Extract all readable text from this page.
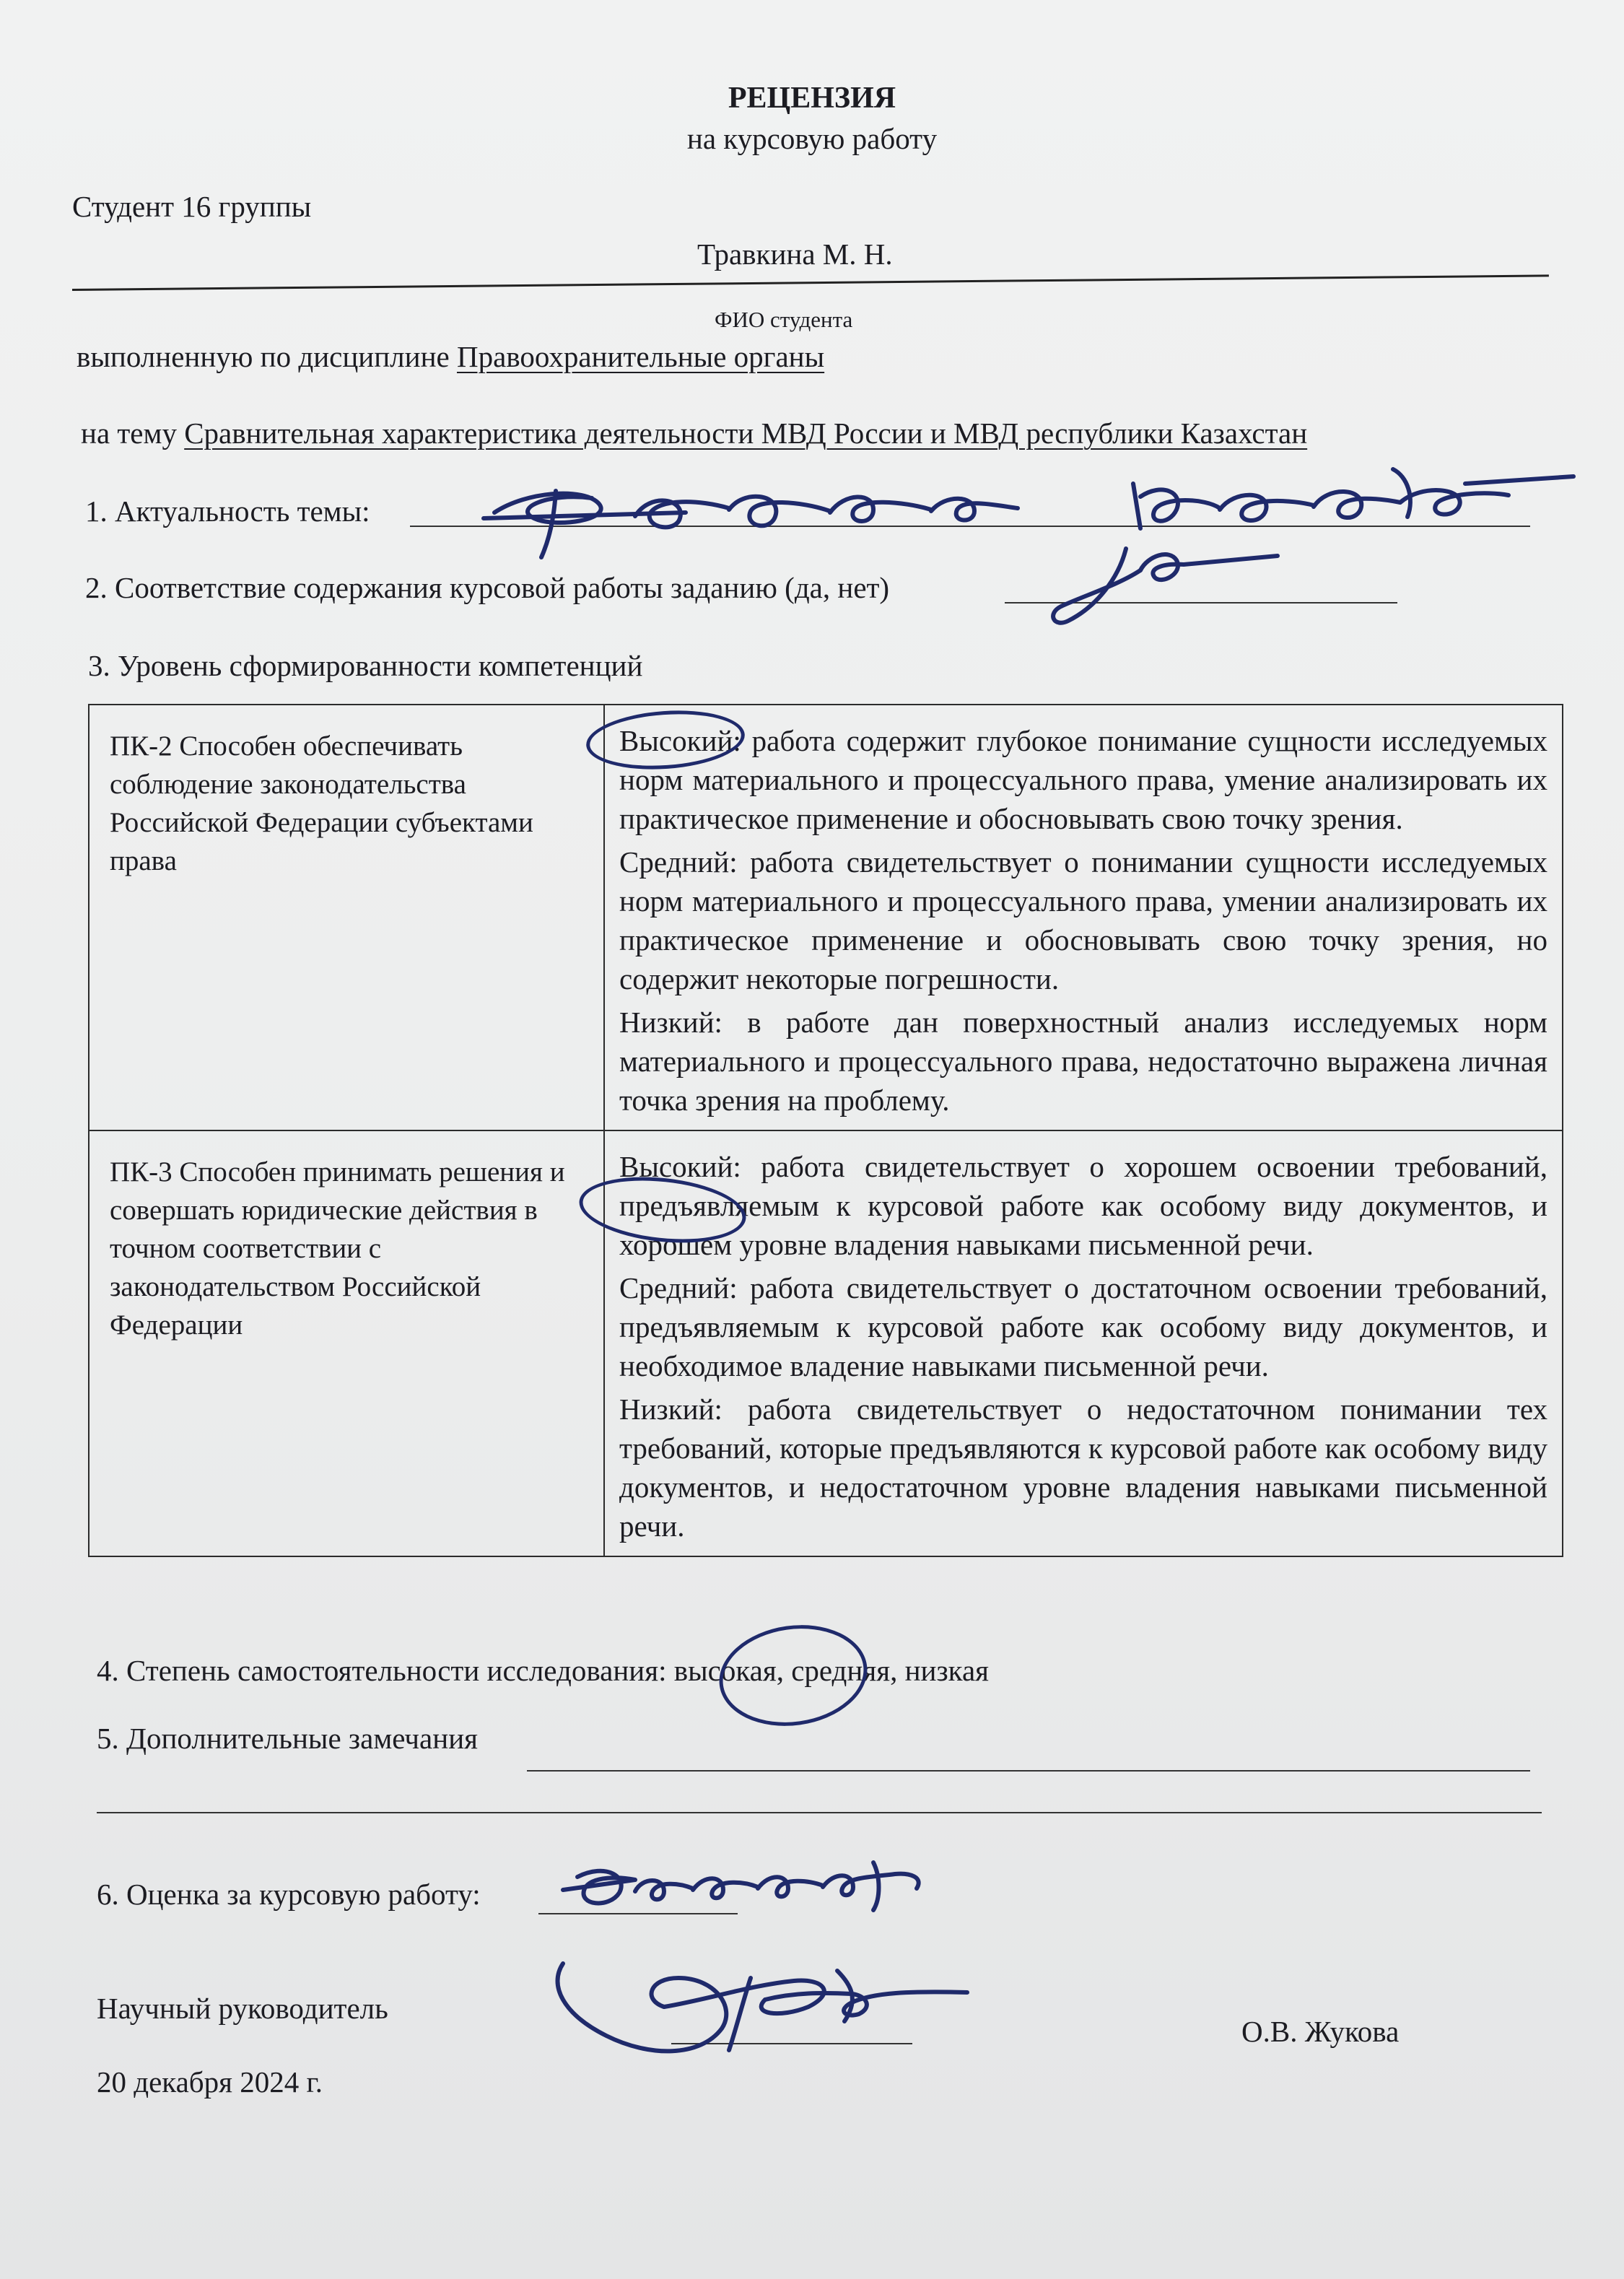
РЕЦЕНЗИЯ
на курсовую работу
Студент 16 группы
Травкина М. Н.
ФИО студента
выполненную по дисциплине Правоохранительные органы
на тему Сравнительная характеристика деятельности МВД России и МВД республики Казахстан
1. Актуальность темы:
2. Соответствие содержания курсовой работы заданию (да, нет)
3. Уровень сформированности компетенций
ПК-2 Способен обеспечивать соблюдение законодательства Российской Федерации субъектами права	Высокий: работа содержит глубокое понимание сущности исследуемых норм материального и процессуального права, умение анализировать их практическое применение и обосновывать свою точку зрения.
Средний: работа свидетельствует о понимании сущности исследуемых норм материального и процессуального права, умении анализировать их практическое применение и обосновывать свою точку зрения, но содержит некоторые погрешности.
Низкий: в работе дан поверхностный анализ исследуемых норм материального и процессуального права, недостаточно выражена личная точка зрения на проблему.

ПК-3 Способен принимать решения и совершать юридические действия в точном соответствии с законодательством Российской Федерации	Высокий: работа свидетельствует о хорошем освоении требований, предъявляемым к курсовой работе как особому виду документов, и хорошем уровне владения навыками письменной речи.
Средний: работа свидетельствует о достаточном освоении требований, предъявляемым к курсовой работе как особому виду документов, и необходимое владение навыками письменной речи.
Низкий: работа свидетельствует о недостаточном понимании тех требований, которые предъявляются к курсовой работе как особому виду документов, и недостаточном уровне владения навыками письменной речи.
4. Степень самостоятельности исследования: высокая, средняя, низкая
5. Дополнительные замечания
6. Оценка за курсовую работу:
Научный руководитель
О.В. Жукова
20 декабря 2024 г.
